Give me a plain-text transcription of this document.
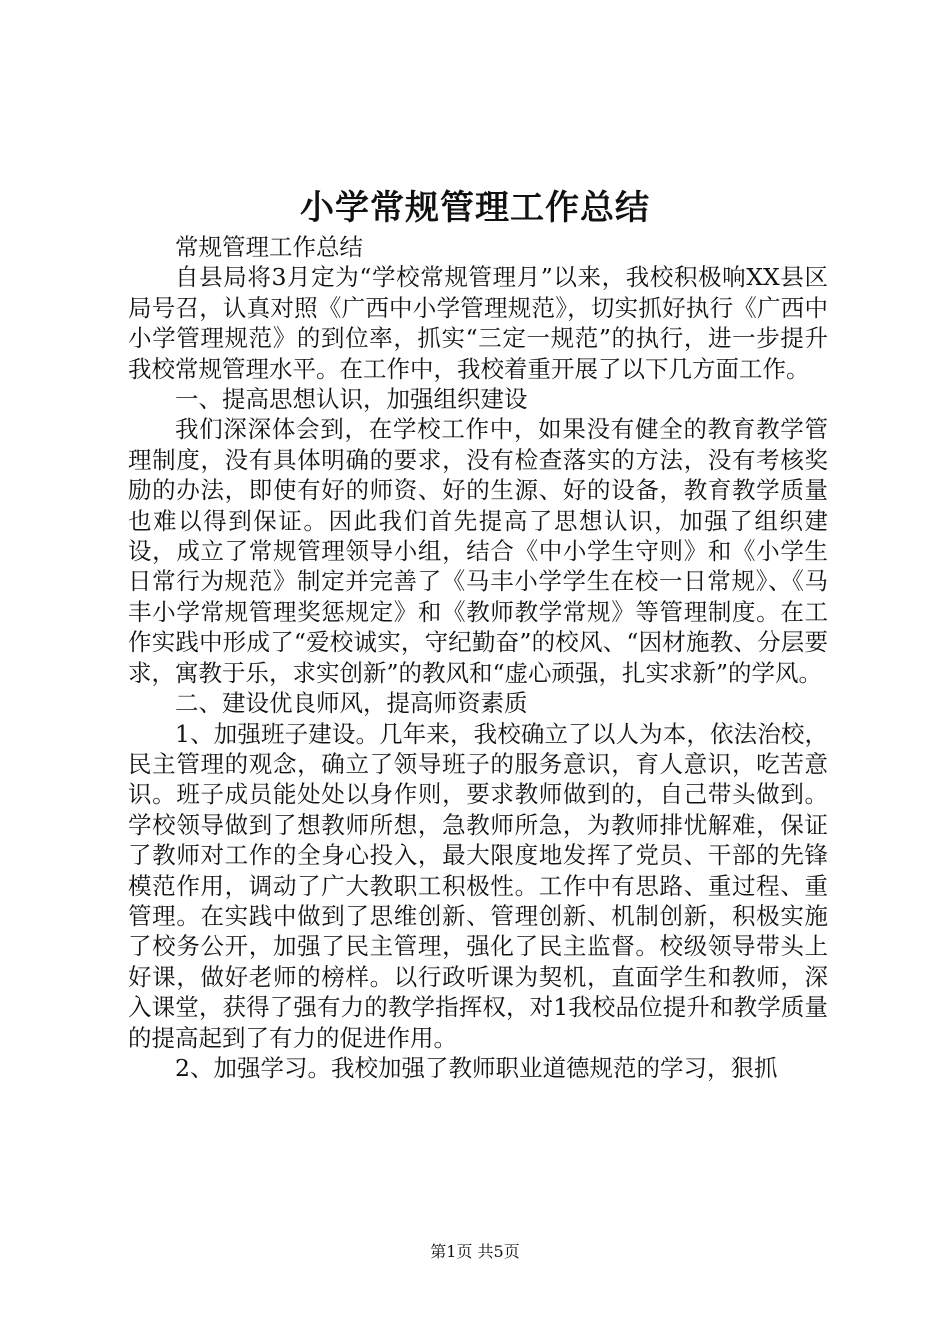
小学常规管理工作总结

常规管理工作总结

自县局将3月定为“学校常规管理月”以来，我校积极响XX县区局号召，认真对照《广西中小学管理规范》，切实抓好执行《广西中小学管理规范》的到位率，抓实“三定一规范”的执行，进一步提升我校常规管理水平。在工作中，我校着重开展了以下几方面工作。

一、提高思想认识，加强组织建设

我们深深体会到，在学校工作中，如果没有健全的教育教学管理制度，没有具体明确的要求，没有检查落实的方法，没有考核奖励的办法，即使有好的师资、好的生源、好的设备，教育教学质量也难以得到保证。因此我们首先提高了思想认识，加强了组织建设，成立了常规管理领导小组，结合《中小学生守则》和《小学生日常行为规范》制定并完善了《马丰小学学生在校一日常规》、《马丰小学常规管理奖惩规定》和《教师教学常规》等管理制度。在工作实践中形成了“爱校诚实，守纪勤奋”的校风、“因材施教、分层要求，寓教于乐，求实创新”的教风和“虚心顽强，扎实求新”的学风。

二、建设优良师风，提高师资素质

1、加强班子建设。几年来，我校确立了以人为本，依法治校，民主管理的观念，确立了领导班子的服务意识，育人意识，吃苦意识。班子成员能处处以身作则，要求教师做到的，自己带头做到。学校领导做到了想教师所想，急教师所急，为教师排忧解难，保证了教师对工作的全身心投入，最大限度地发挥了党员、干部的先锋模范作用，调动了广大教职工积极性。工作中有思路、重过程、重管理。在实践中做到了思维创新、管理创新、机制创新，积极实施了校务公开，加强了民主管理，强化了民主监督。校级领导带头上好课，做好老师的榜样。以行政听课为契机，直面学生和教师，深入课堂，获得了强有力的教学指挥权，对1我校品位提升和教学质量的提高起到了有力的促进作用。

2、加强学习。我校加强了教师职业道德规范的学习，狠抓

第1页 共5页
